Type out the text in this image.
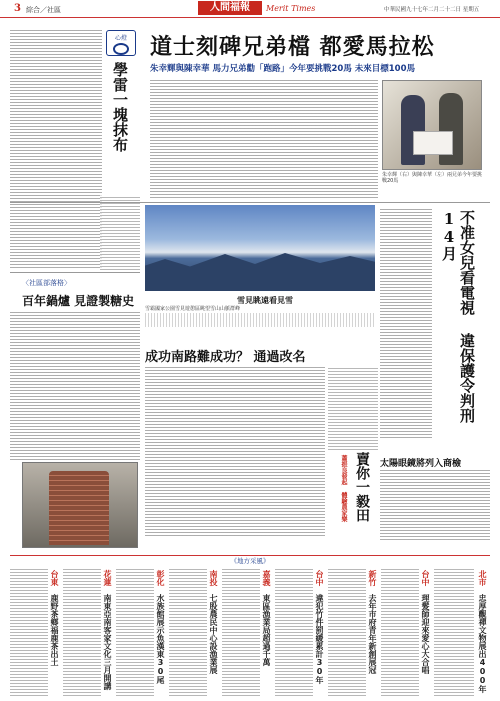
3 綜合／社區	人間福報	Merit Times	中華民國九十七年二月二十二日 星期五
心燈
學雷一塊抹布
道士刻碑兄弟檔 都愛馬拉松
朱幸輝與陳幸華 馬力兄弟勸「跑路」今年要挑戰20馬 未來目標100馬
朱幸輝（右）與陳幸華（左）兩兄弟今年要挑戰20馬
雪見眺遠看見雪
雪霸國家公園雪見遊憩區眺望雪山山脈群峰	不准女兒看電視 違保護令判刑14月
〈社區部落格〉
百年鍋爐 見證製糖史
成功南路難成功？ 通過改名
賣你一毅田
蕭振良發起 體驗農家樂	太陽眼鏡將列入商檢
《地方采風》
台東　鹿野茶鄉福鹿茶出土
花蓮　南東亞南客家文化三月開講
彰化　水族館展示魚漢東30尾
南投　七股農民中心設漁業展
嘉義　東區漁業局超過千萬
台中　違犯竹件罰緩累計30年
新竹　去年市府青年新創展冠
台中　理髮師迎來愛心大合唱
北市　忠厚觀禪文物展出400年
